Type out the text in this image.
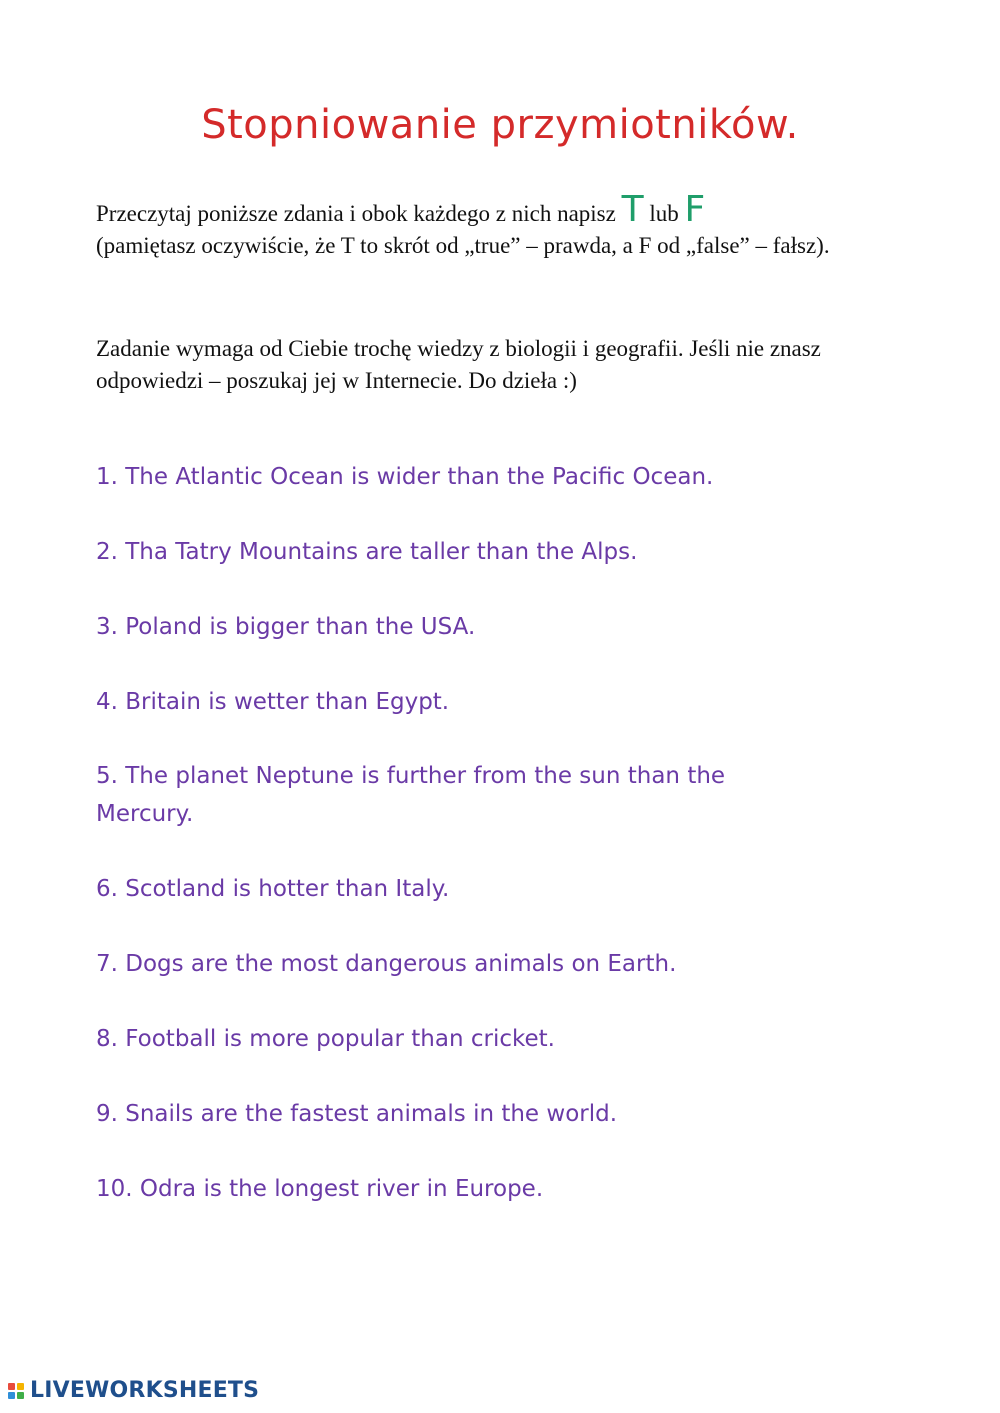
Stopniowanie przymiotników.
Przeczytaj poniższe zdania i obok każdego z nich napisz T lub F
(pamiętasz oczywiście, że T to skrót od „true” – prawda, a F od „false” – fałsz).
Zadanie wymaga od Ciebie trochę wiedzy z biologii i geografii. Jeśli nie znasz odpowiedzi – poszukaj jej w Internecie. Do dzieła :)
1. The Atlantic Ocean is wider than the Pacific Ocean.
2. Tha Tatry Mountains are taller than the Alps.
3. Poland is bigger than the USA.
4. Britain is wetter than Egypt.
5. The planet Neptune is further from the sun than the Mercury.
6. Scotland is hotter than Italy.
7. Dogs are the most dangerous animals on Earth.
8. Football is more popular than cricket.
9. Snails are the fastest animals in the world.
10. Odra is the longest river in Europe.
LIVEWORKSHEETS
